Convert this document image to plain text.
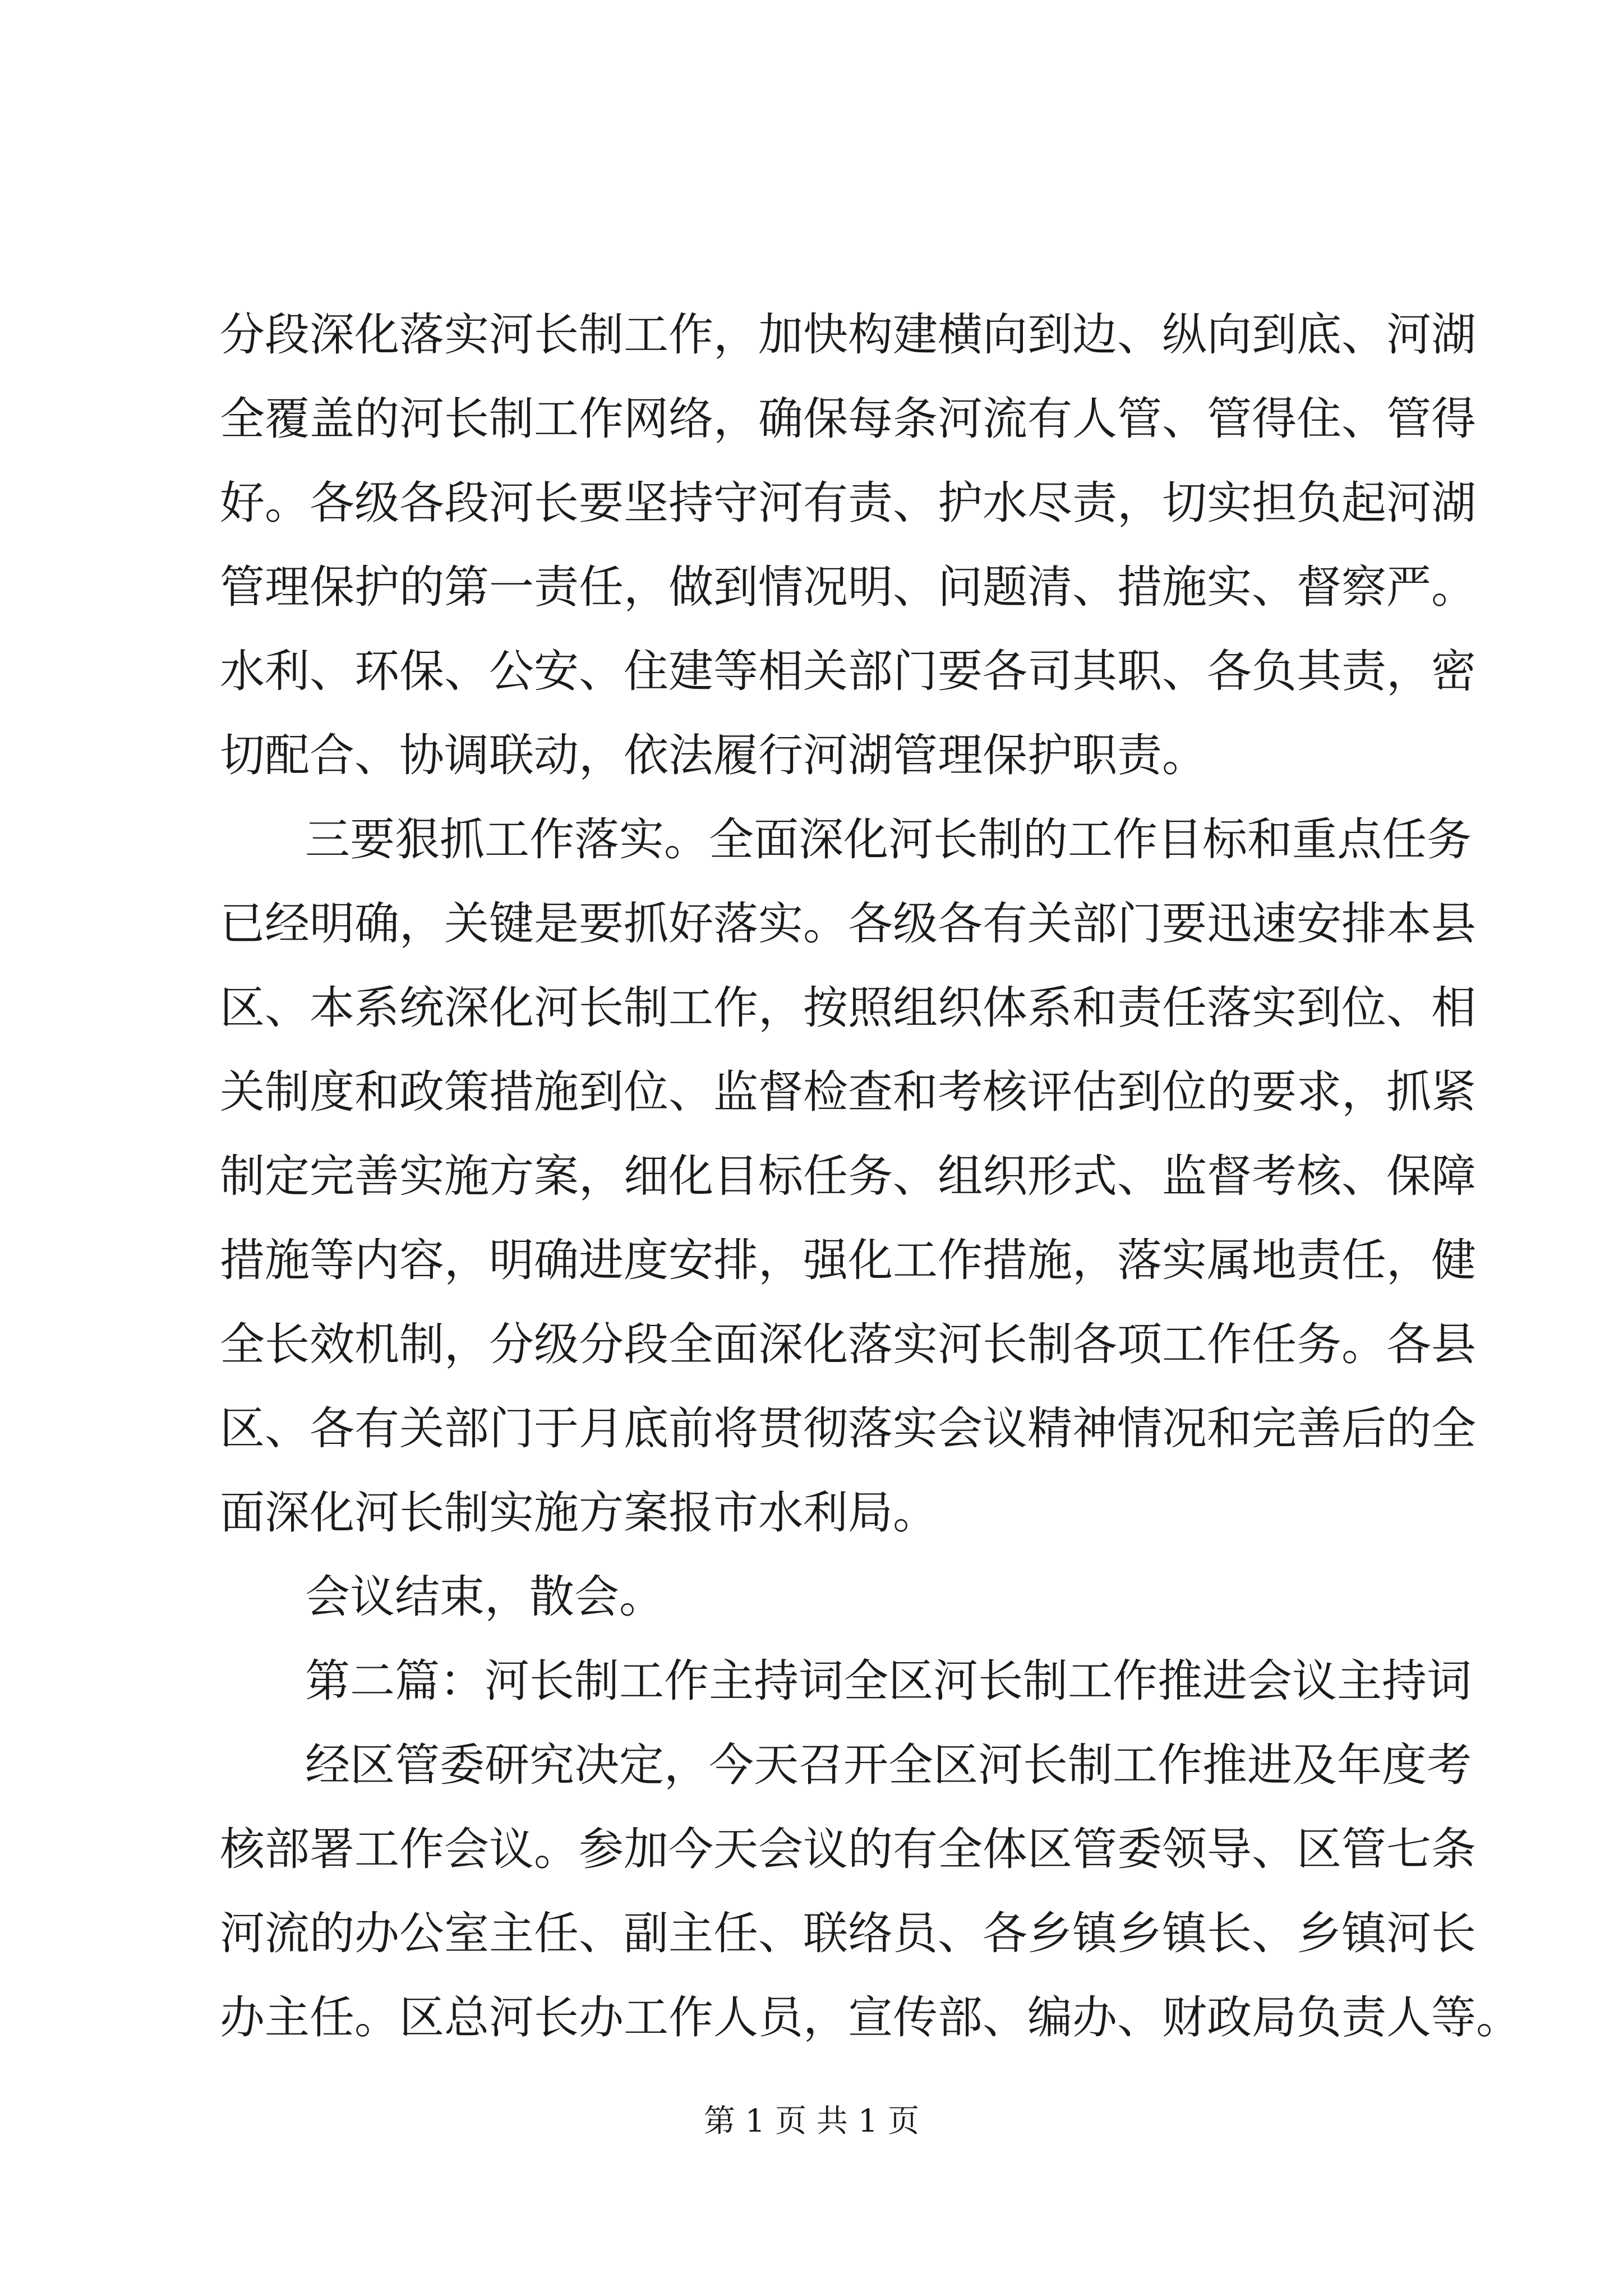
分段深化落实河长制工作，加快构建横向到边、纵向到底、河湖
全覆盖的河长制工作网络，确保每条河流有人管、管得住、管得
好。各级各段河长要坚持守河有责、护水尽责，切实担负起河湖
管理保护的第一责任，做到情况明、问题清、措施实、督察严。
水利、环保、公安、住建等相关部门要各司其职、各负其责，密
切配合、协调联动，依法履行河湖管理保护职责。
三要狠抓工作落实。全面深化河长制的工作目标和重点任务
已经明确，关键是要抓好落实。各级各有关部门要迅速安排本县
区、本系统深化河长制工作，按照组织体系和责任落实到位、相
关制度和政策措施到位、监督检查和考核评估到位的要求，抓紧
制定完善实施方案，细化目标任务、组织形式、监督考核、保障
措施等内容，明确进度安排，强化工作措施，落实属地责任，健
全长效机制，分级分段全面深化落实河长制各项工作任务。各县
区、各有关部门于月底前将贯彻落实会议精神情况和完善后的全
面深化河长制实施方案报市水利局。
会议结束，散会。
第二篇：河长制工作主持词全区河长制工作推进会议主持词
经区管委研究决定，今天召开全区河长制工作推进及年度考
核部署工作会议。参加今天会议的有全体区管委领导、区管七条
河流的办公室主任、副主任、联络员、各乡镇乡镇长、乡镇河长
办主任。区总河长办工作人员，宣传部、编办、财政局负责人等。
第 1 页 共 1 页
